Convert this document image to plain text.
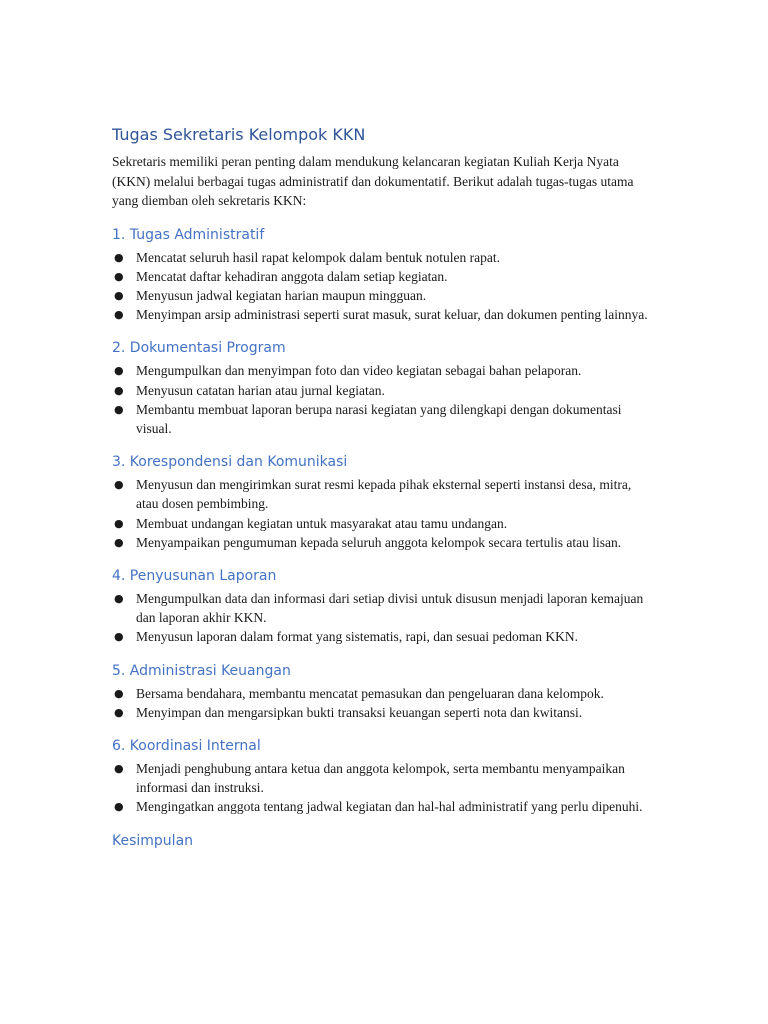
Tugas Sekretaris Kelompok KKN

Sekretaris memiliki peran penting dalam mendukung kelancaran kegiatan Kuliah Kerja Nyata (KKN) melalui berbagai tugas administratif dan dokumentatif. Berikut adalah tugas-tugas utama yang diemban oleh sekretaris KKN:

1. Tugas Administratif
● Mencatat seluruh hasil rapat kelompok dalam bentuk notulen rapat.
● Mencatat daftar kehadiran anggota dalam setiap kegiatan.
● Menyusun jadwal kegiatan harian maupun mingguan.
● Menyimpan arsip administrasi seperti surat masuk, surat keluar, dan dokumen penting lainnya.
2. Dokumentasi Program
● Mengumpulkan dan menyimpan foto dan video kegiatan sebagai bahan pelaporan.
● Menyusun catatan harian atau jurnal kegiatan.
● Membantu membuat laporan berupa narasi kegiatan yang dilengkapi dengan dokumentasi visual.
3. Korespondensi dan Komunikasi
● Menyusun dan mengirimkan surat resmi kepada pihak eksternal seperti instansi desa, mitra, atau dosen pembimbing.
● Membuat undangan kegiatan untuk masyarakat atau tamu undangan.
● Menyampaikan pengumuman kepada seluruh anggota kelompok secara tertulis atau lisan.
4. Penyusunan Laporan
● Mengumpulkan data dan informasi dari setiap divisi untuk disusun menjadi laporan kemajuan dan laporan akhir KKN.
● Menyusun laporan dalam format yang sistematis, rapi, dan sesuai pedoman KKN.
5. Administrasi Keuangan
● Bersama bendahara, membantu mencatat pemasukan dan pengeluaran dana kelompok.
● Menyimpan dan mengarsipkan bukti transaksi keuangan seperti nota dan kwitansi.
6. Koordinasi Internal
● Menjadi penghubung antara ketua dan anggota kelompok, serta membantu menyampaikan informasi dan instruksi.
● Mengingatkan anggota tentang jadwal kegiatan dan hal-hal administratif yang perlu dipenuhi.
Kesimpulan
